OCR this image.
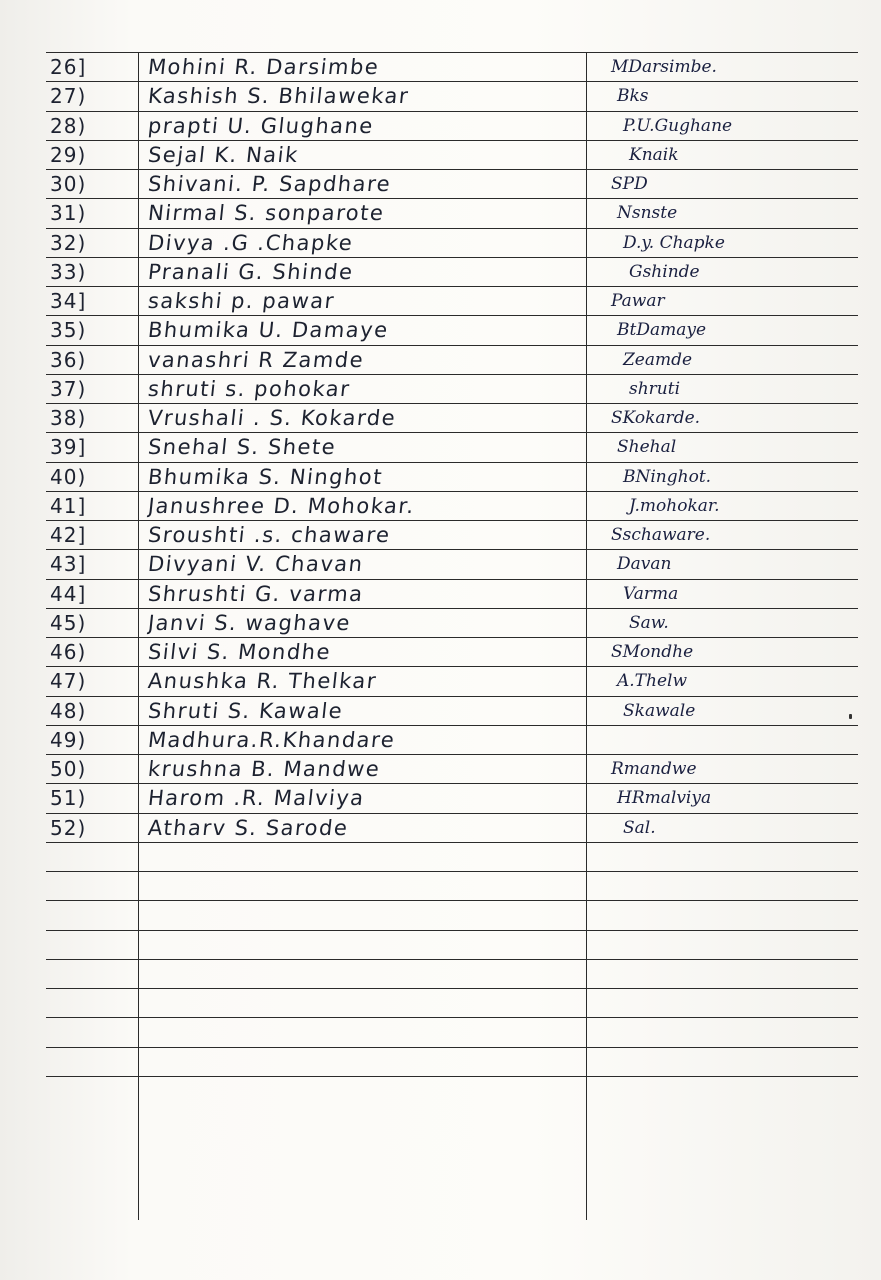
26]	Mohini R. Darsimbe	MDarsimbe.
27)	Kashish S. Bhilawekar	Bks
28)	prapti U. Glughane	P.U.Gughane
29)	Sejal K. Naik	Knaik
30)	Shivani. P. Sapdhare	SPD
31)	Nirmal S. sonparote	Nsnste
32)	Divya .G .Chapke	D.y. Chapke
33)	Pranali G. Shinde	Gshinde
34]	sakshi p. pawar	Pawar
35)	Bhumika U. Damaye	BtDamaye
36)	vanashri R Zamde	Zeamde
37)	shruti s. pohokar	shruti
38)	Vrushali . S. Kokarde	SKokarde.
39]	Snehal S. Shete	Shehal
40)	Bhumika S. Ninghot	BNinghot.
41]	Janushree D. Mohokar.	J.mohokar.
42]	Sroushti .s. chaware	Sschaware.
43]	Divyani V. Chavan	Davan
44]	Shrushti G. varma	Varma
45)	Janvi S. waghave	Saw.
46)	Silvi S. Mondhe	SMondhe
47)	Anushka R. Thelkar	A.Thelw
48)	Shruti S. Kawale	Skawale
49)	Madhura.R.Khandare
50)	krushna B. Mandwe	Rmandwe
51)	Harom .R. Malviya	HRmalviya
52)	Atharv S. Sarode	Sal.
